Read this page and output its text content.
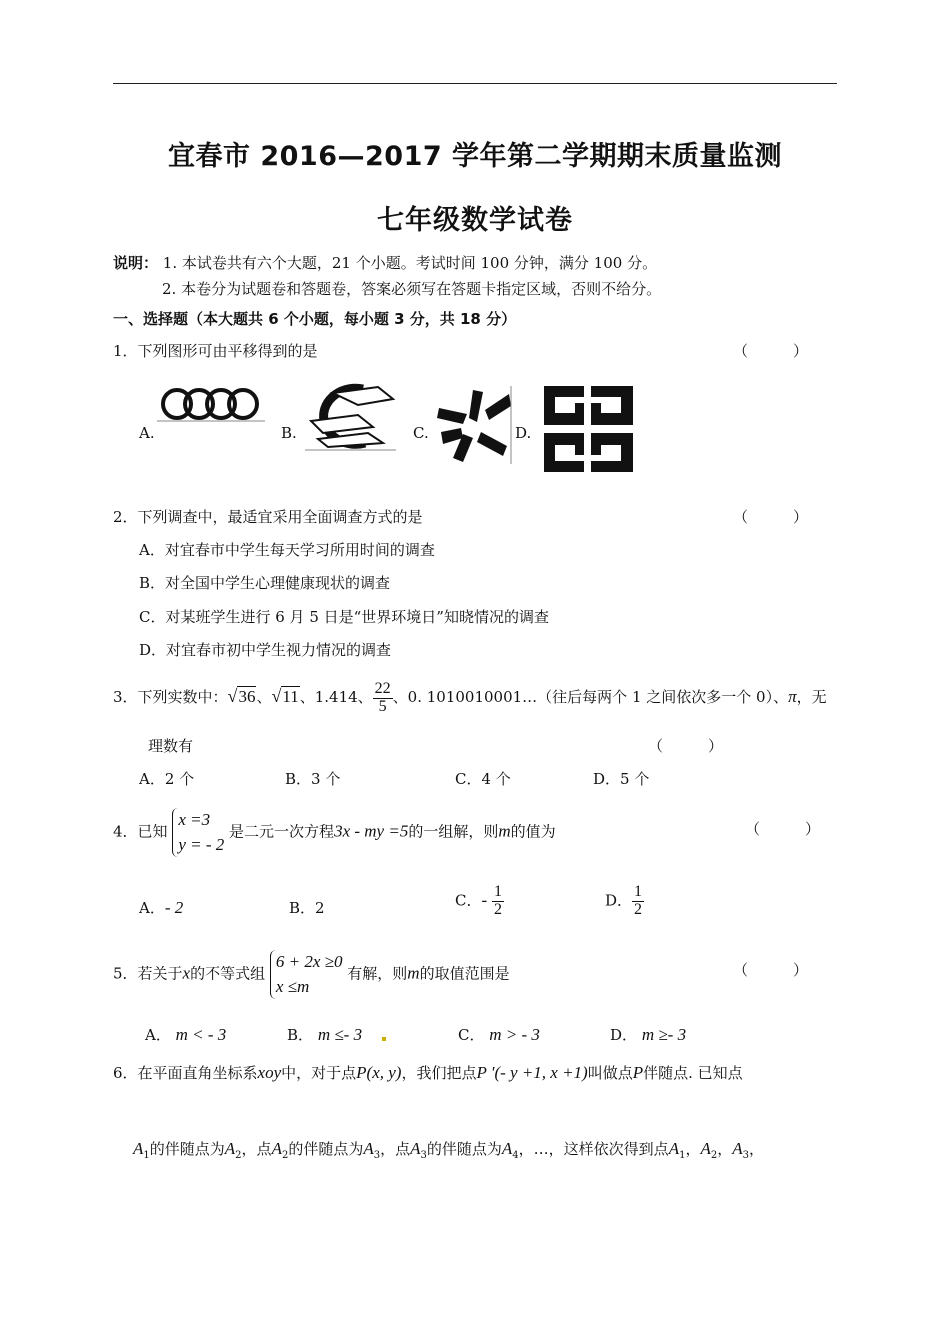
宜春市 2016—2017 学年第二学期期末质量监测
七年级数学试卷
说明： 1. 本试卷共有六个大题，21 个小题。考试时间 100 分钟，满分 100 分。
2. 本卷分为试题卷和答题卷，答案必须写在答题卡指定区域，否则不给分。
一、选择题（本大题共 6 个小题，每小题 3 分，共 18 分）
1．下列图形可由平移得到的是	（　　　）
A.	B.	C.	D.
2．下列调查中，最适宜采用全面调查方式的是	（　　　）
A．对宜春市中学生每天学习所用时间的调查
B．对全国中学生心理健康现状的调查
C．对某班学生进行 6 月 5 日是“世界环境日”知晓情况的调查
D．对宜春市初中学生视力情况的调查
3．下列实数中：√36、√11、1.414、 $\frac{22}{5}$ 、0. 1010010001…（往后每两个 1 之间依次多一个 0）、π，无
理数有	（　　　）
A．2 个	B．3 个	C．4 个	D．5 个
4．已知
x =3
y = - 2
是二元一次方程3x - my =5的一组解，则m的值为	（　　　）
A．- 2	B．2	C．- $\frac{1}{2}$	D． $\frac{1}{2}$
5．若关于x的不等式组
6 + 2x ≥0
x ≤m
有解，则m的取值范围是	（　　　）
A． m < - 3	B． m ≤- 3	C． m > - 3	D． m ≥- 3
6．在平面直角坐标系xoy中，对于点P(x, y)，我们把点P '(- y +1, x +1)叫做点P伴随点. 已知点
$A_1$的伴随点为$A_2$，点$A_2$的伴随点为$A_3$，点$A_3$的伴随点为$A_4$，…，这样依次得到点$A_1$，$A_2$，$A_3$，
